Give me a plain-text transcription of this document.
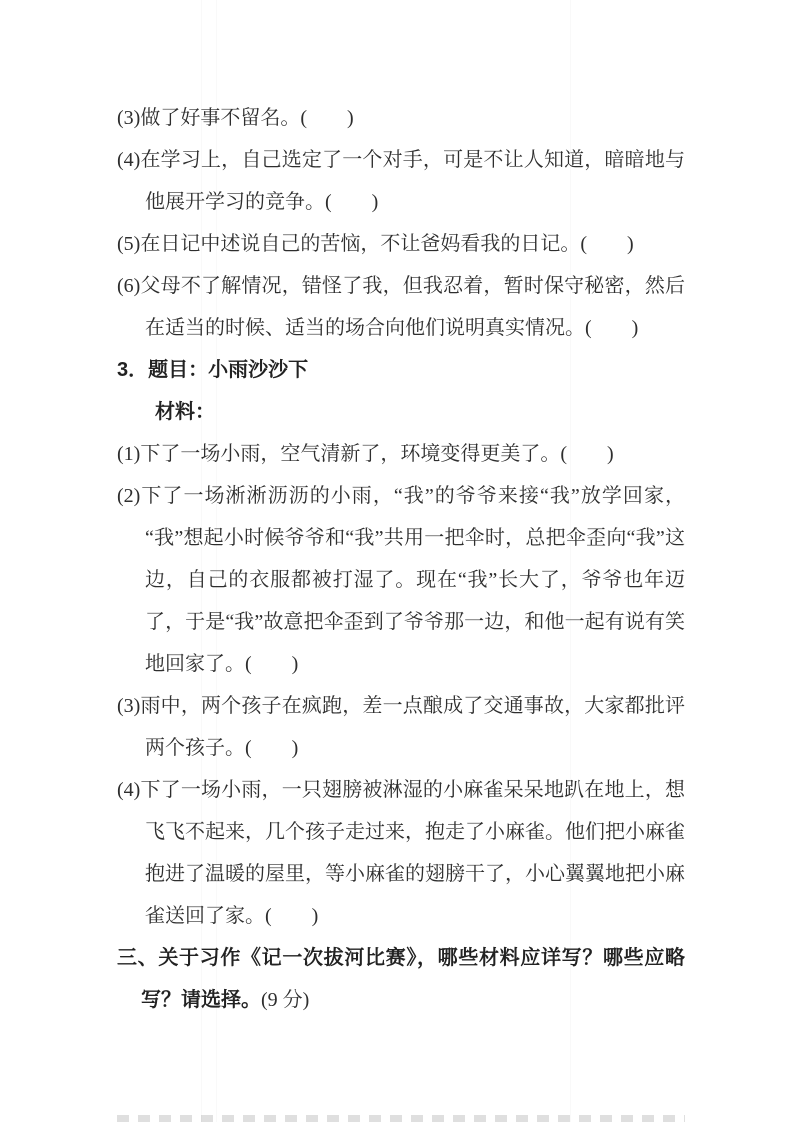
(3)做了好事不留名。(　　)

(4)在学习上，自己选定了一个对手，可是不让人知道，暗暗地与他展开学习的竞争。(　　)

(5)在日记中述说自己的苦恼，不让爸妈看我的日记。(　　)

(6)父母不了解情况，错怪了我，但我忍着，暂时保守秘密，然后在适当的时候、适当的场合向他们说明真实情况。(　　)

3．题目：小雨沙沙下

材料：

(1)下了一场小雨，空气清新了，环境变得更美了。(　　)

(2)下了一场淅淅沥沥的小雨，“我”的爷爷来接“我”放学回家，“我”想起小时候爷爷和“我”共用一把伞时，总把伞歪向“我”这边，自己的衣服都被打湿了。现在“我”长大了，爷爷也年迈了，于是“我”故意把伞歪到了爷爷那一边，和他一起有说有笑地回家了。(　　)

(3)雨中，两个孩子在疯跑，差一点酿成了交通事故，大家都批评两个孩子。(　　)

(4)下了一场小雨，一只翅膀被淋湿的小麻雀呆呆地趴在地上，想飞飞不起来，几个孩子走过来，抱走了小麻雀。他们把小麻雀抱进了温暖的屋里，等小麻雀的翅膀干了，小心翼翼地把小麻雀送回了家。(　　)

三、关于习作《记一次拔河比赛》，哪些材料应详写？哪些应略写？请选择。(9 分)
